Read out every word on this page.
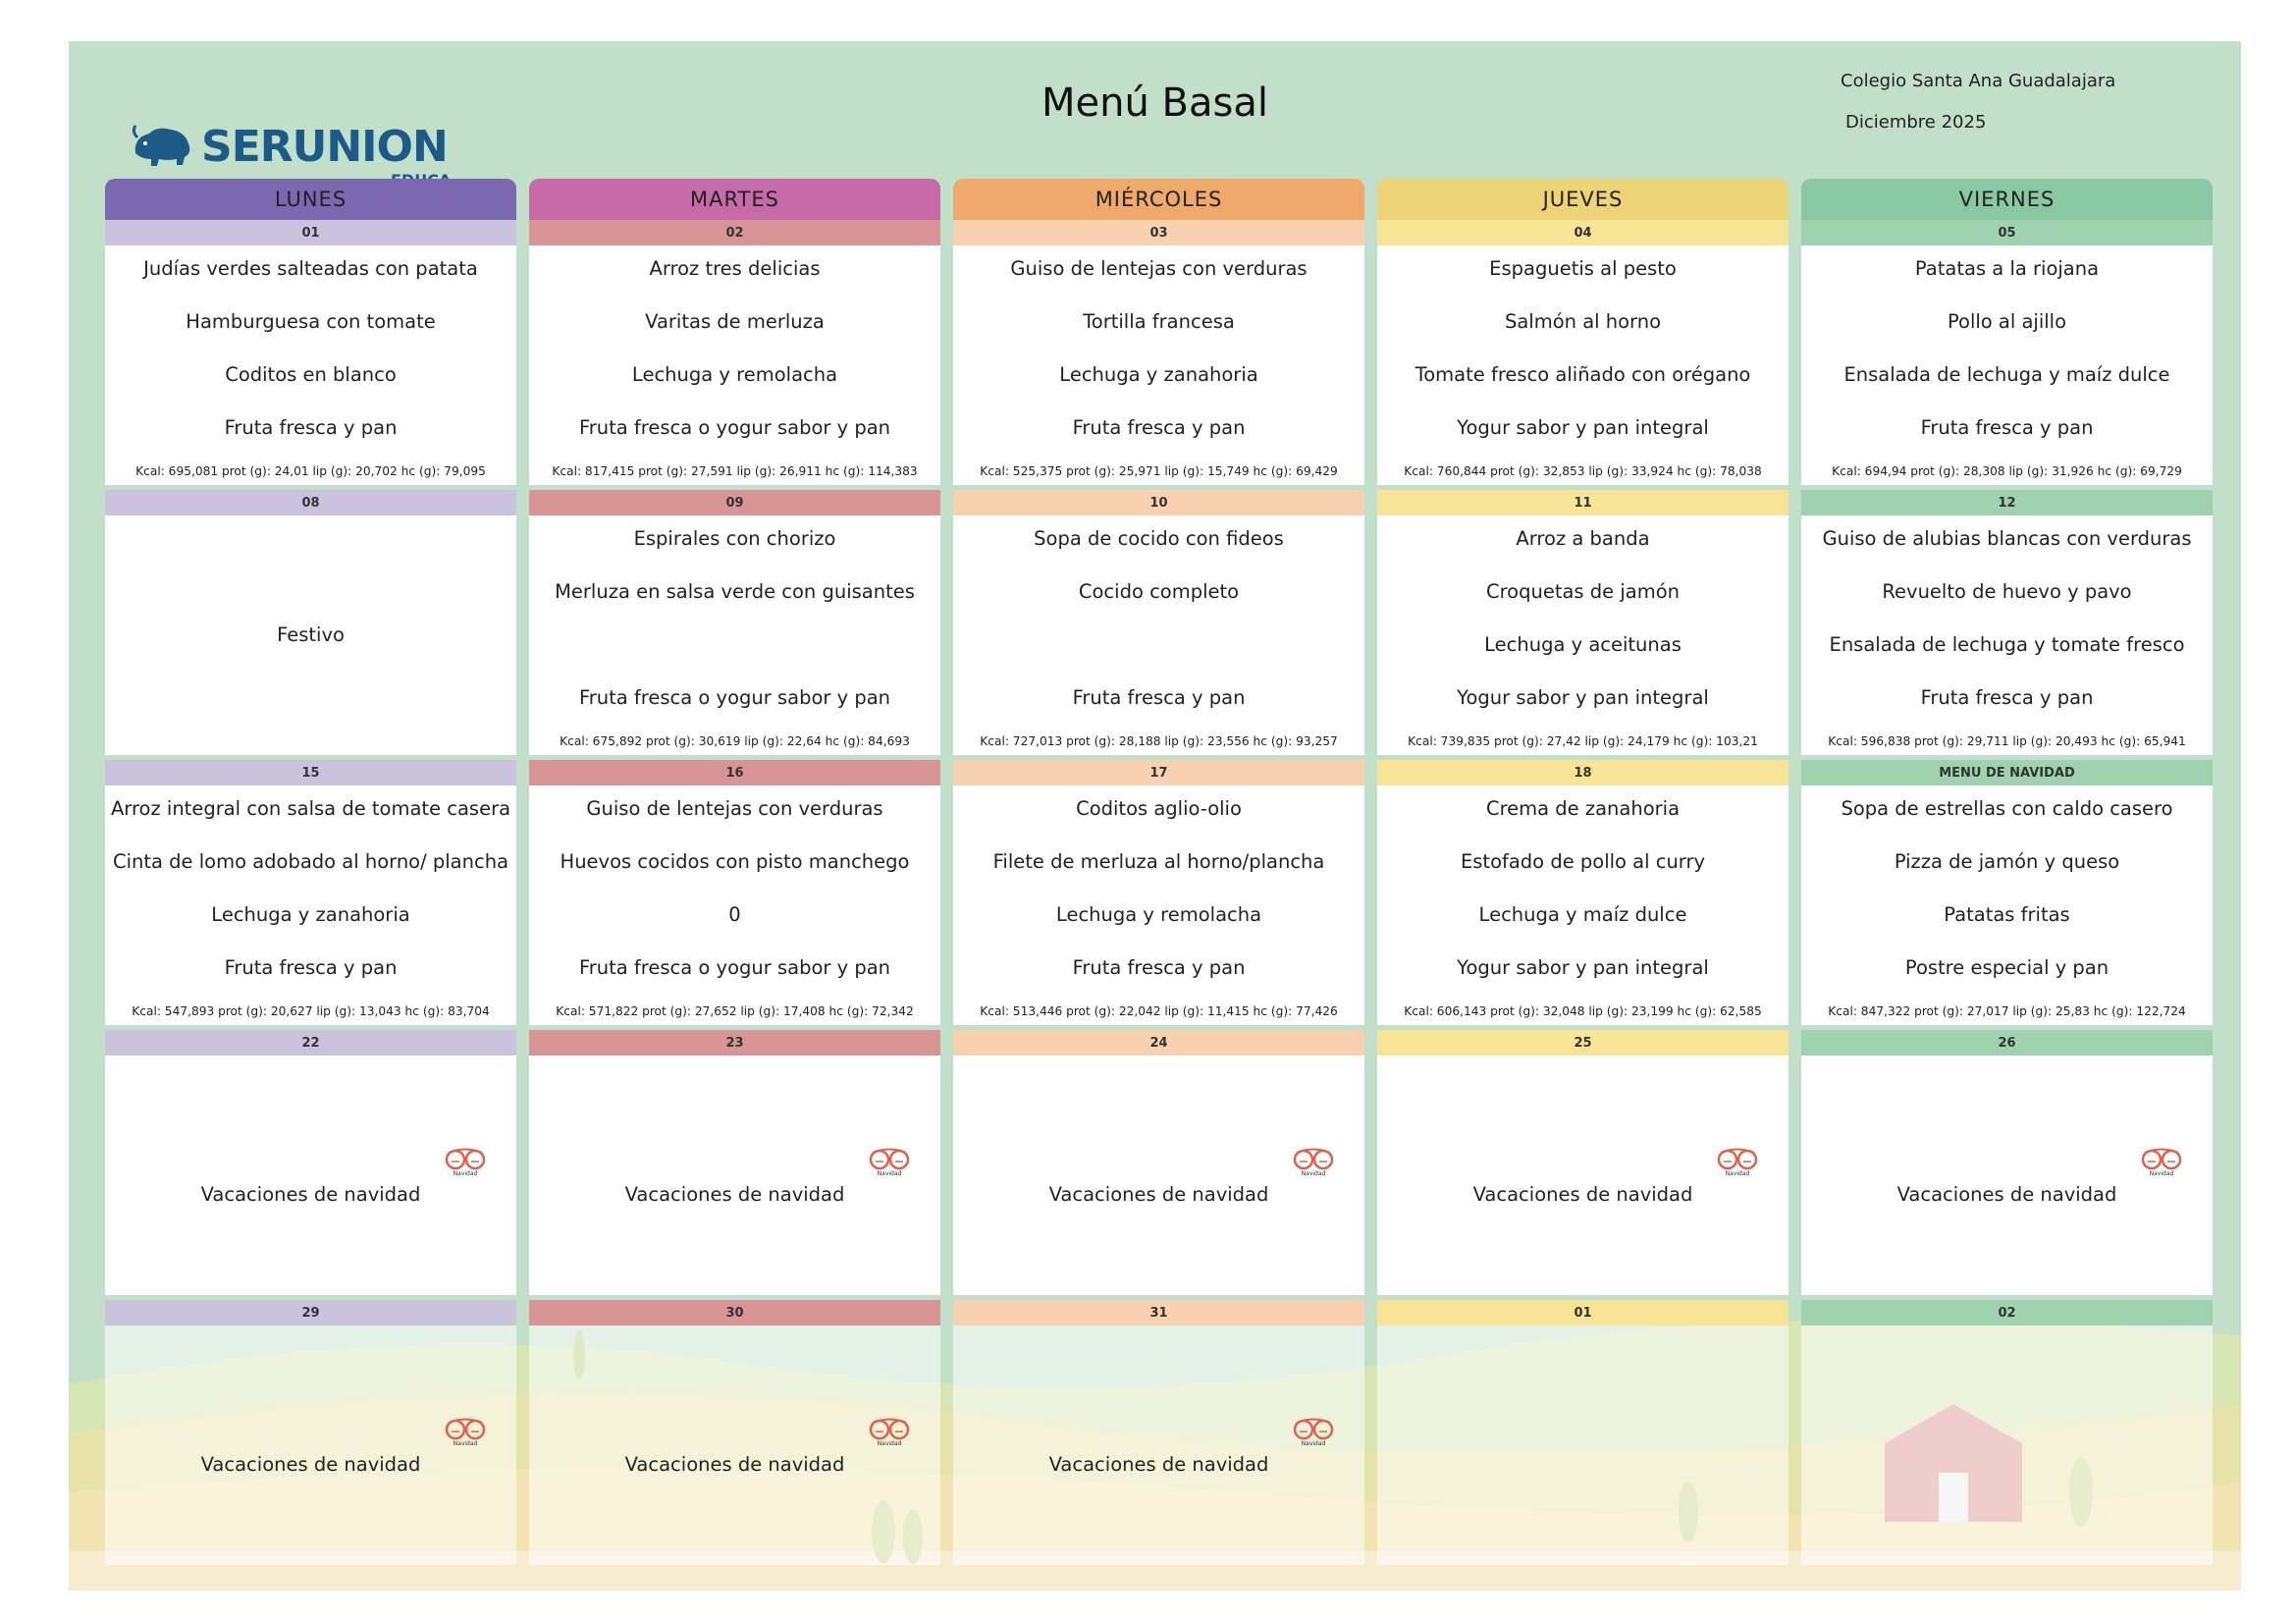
SERUNION
Menú Basal	Colegio Santa Ana Guadalajara
Diciembre 2025
LUNES
01
Judías verdes salteadas con patata
Hamburguesa con tomate
Coditos en blanco
Fruta fresca y pan
Kcal: 695,081 prot (g): 24,01 lip (g): 20,702 hc (g): 79,095
08
Festivo
15
Arroz integral con salsa de tomate casera
Cinta de lomo adobado al horno/ plancha
Lechuga y zanahoria
Fruta fresca y pan
Kcal: 547,893 prot (g): 20,627 lip (g): 13,043 hc (g): 83,704
22
Vacaciones de navidad
Navidad
29
Vacaciones de navidad
Navidad
MARTES
02
Arroz tres delicias
Varitas de merluza
Lechuga y remolacha
Fruta fresca o yogur sabor y pan
Kcal: 817,415 prot (g): 27,591 lip (g): 26,911 hc (g): 114,383
09
Espirales con chorizo
Merluza en salsa verde con guisantes
Fruta fresca o yogur sabor y pan
Kcal: 675,892 prot (g): 30,619 lip (g): 22,64 hc (g): 84,693
16
Guiso de lentejas con verduras
Huevos cocidos con pisto manchego
0
Fruta fresca o yogur sabor y pan
Kcal: 571,822 prot (g): 27,652 lip (g): 17,408 hc (g): 72,342
23
Vacaciones de navidad
Navidad
30
Vacaciones de navidad
Navidad
MIÉRCOLES
03
Guiso de lentejas con verduras
Tortilla francesa
Lechuga y zanahoria
Fruta fresca y pan
Kcal: 525,375 prot (g): 25,971 lip (g): 15,749 hc (g): 69,429
10
Sopa de cocido con fideos
Cocido completo
Fruta fresca y pan
Kcal: 727,013 prot (g): 28,188 lip (g): 23,556 hc (g): 93,257
17
Coditos aglio-olio
Filete de merluza al horno/plancha
Lechuga y remolacha
Fruta fresca y pan
Kcal: 513,446 prot (g): 22,042 lip (g): 11,415 hc (g): 77,426
24
Vacaciones de navidad
Navidad
31
Vacaciones de navidad
Navidad
JUEVES
04
Espaguetis al pesto
Salmón al horno
Tomate fresco aliñado con orégano
Yogur sabor y pan integral
Kcal: 760,844 prot (g): 32,853 lip (g): 33,924 hc (g): 78,038
11
Arroz a banda
Croquetas de jamón
Lechuga y aceitunas
Yogur sabor y pan integral
Kcal: 739,835 prot (g): 27,42 lip (g): 24,179 hc (g): 103,21
18
Crema de zanahoria
Estofado de pollo al curry
Lechuga y maíz dulce
Yogur sabor y pan integral
Kcal: 606,143 prot (g): 32,048 lip (g): 23,199 hc (g): 62,585
25
Vacaciones de navidad
Navidad
01
VIERNES
05
Patatas a la riojana
Pollo al ajillo
Ensalada de lechuga y maíz dulce
Fruta fresca y pan
Kcal: 694,94 prot (g): 28,308 lip (g): 31,926 hc (g): 69,729
12
Guiso de alubias blancas con verduras
Revuelto de huevo y pavo
Ensalada de lechuga y tomate fresco
Fruta fresca y pan
Kcal: 596,838 prot (g): 29,711 lip (g): 20,493 hc (g): 65,941
MENU DE NAVIDAD
Sopa de estrellas con caldo casero
Pizza de jamón y queso
Patatas fritas
Postre especial y pan
Kcal: 847,322 prot (g): 27,017 lip (g): 25,83 hc (g): 122,724
26
Vacaciones de navidad
Navidad
02
